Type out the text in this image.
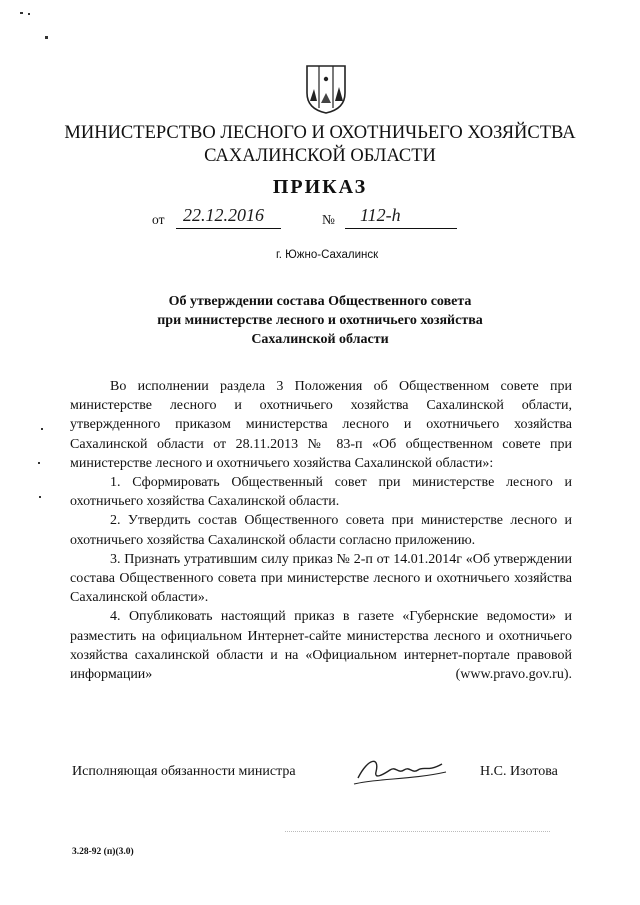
МИНИСТЕРСТВО ЛЕСНОГО И ОХОТНИЧЬЕГО ХОЗЯЙСТВА
САХАЛИНСКОЙ ОБЛАСТИ
ПРИКАЗ
от 22.12.2016	№ 112-h
г. Южно-Сахалинск
Об утверждении состава Общественного совета
при министерстве лесного и охотничьего хозяйства
Сахалинской области

Во исполнении раздела 3 Положения об Общественном совете при министерстве лесного и охотничьего хозяйства Сахалинской области, утвержденного приказом министерства лесного и охотничьего хозяйства Сахалинской области от 28.11.2013 № 83-п «Об общественном совете при министерстве лесного и охотничьего хозяйства Сахалинской области»:

1. Сформировать Общественный совет при министерстве лесного и охотничьего хозяйства Сахалинской области.

2. Утвердить состав Общественного совета при министерстве лесного и охотничьего хозяйства Сахалинской области согласно приложению.

3. Признать утратившим силу приказ № 2-п от 14.01.2014г «Об утверждении состава Общественного совета при министерстве лесного и охотничьего хозяйства Сахалинской области».

4. Опубликовать настоящий приказ в газете «Губернские ведомости» и разместить на официальном Интернет-сайте министерства лесного и охотничьего хозяйства сахалинской области и на «Официальном интернет-портале правовой информации» (www.pravo.gov.ru).

Исполняющая обязанности министра	Н.С. Изотова
3.28-92 (п)(3.0)
